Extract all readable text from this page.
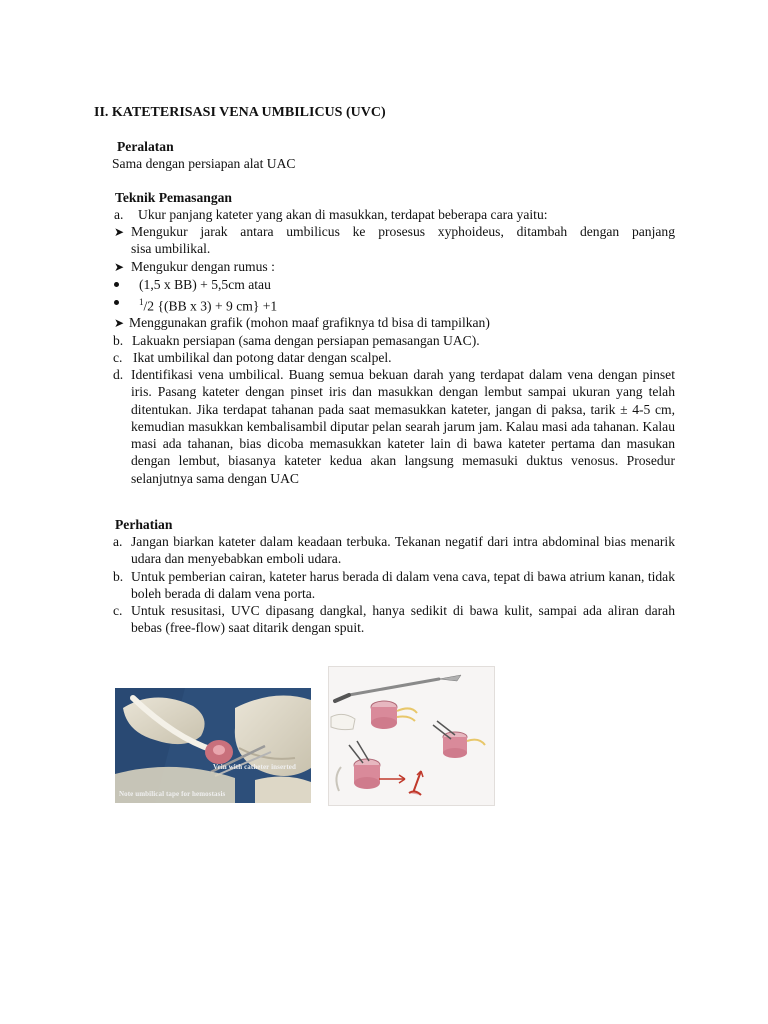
II. KATETERISASI VENA UMBILICUS (UVC)
Peralatan
Sama dengan persiapan alat UAC
Teknik Pemasangan
a. Ukur panjang kateter yang akan di masukkan, terdapat beberapa cara yaitu:
➤ Mengukur jarak antara umbilicus ke prosesus xyphoideus, ditambah dengan panjang
sisa umbilikal.
➤ Mengukur dengan rumus :
(1,5 x BB) + 5,5cm atau
$^1$/2 {(BB x 3) + 9 cm} +1
➤ Menggunakan grafik (mohon maaf grafiknya td bisa di tampilkan)
b. Lakuakn persiapan (sama dengan persiapan pemasangan UAC).
c. Ikat umbilikal dan potong datar dengan scalpel.
d. Identifikasi vena umbilical. Buang semua bekuan darah yang terdapat dalam vena dengan pinset iris. Pasang kateter dengan pinset iris dan masukkan dengan lembut sampai ukuran yang telah ditentukan. Jika terdapat tahanan pada saat memasukkan kateter, jangan di paksa, tarik ± 4-5 cm, kemudian masukkan kembalisambil diputar pelan searah jarum jam. Kalau masi ada tahanan. Kalau masi ada tahanan, bias dicoba memasukkan kateter lain di bawa kateter pertama dan masukan dengan lembut, biasanya kateter kedua akan langsung memasuki duktus venosus. Prosedur selanjutnya sama dengan UAC
Perhatian
a. Jangan biarkan kateter dalam keadaan terbuka. Tekanan negatif dari intra abdominal bias menarik udara dan menyebabkan emboli udara.
b. Untuk pemberian cairan, kateter harus berada di dalam vena cava, tepat di bawa atrium kanan, tidak boleh berada di dalam vena porta.
c. Untuk resusitasi, UVC dipasang dangkal, hanya sedikit di bawa kulit, sampai ada aliran darah bebas (free-flow) saat ditarik dengan spuit.
Vein with catheter inserted
Note umbilical tape for hemostasis
